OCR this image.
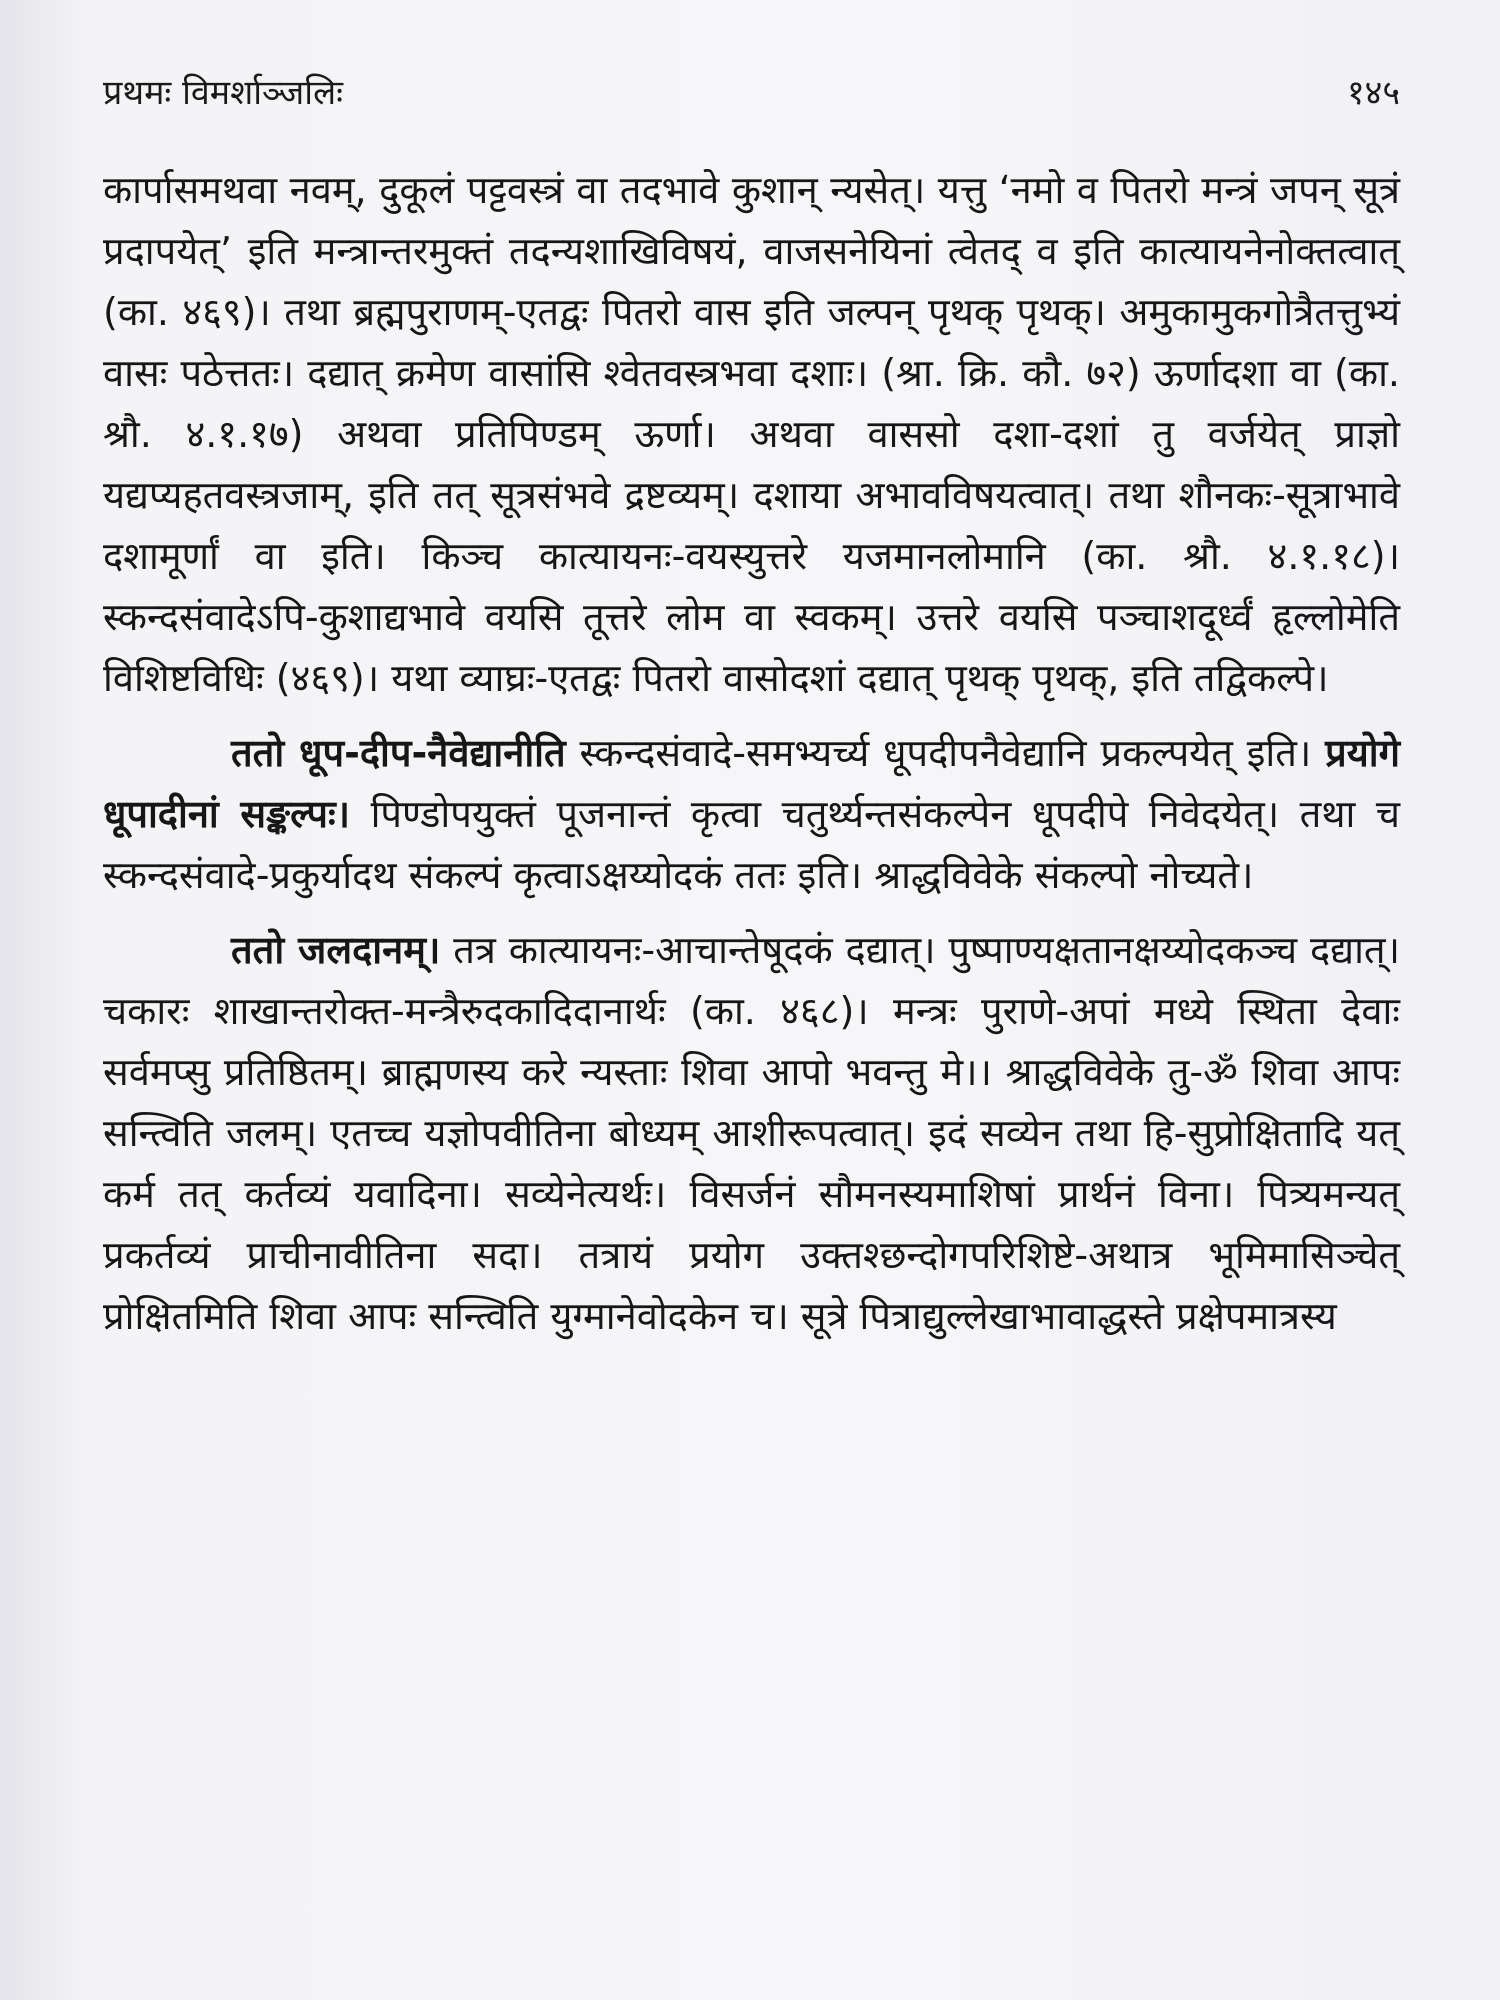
प्रथमः विमर्शाञ्जलिः	१४५

कार्पासमथवा नवम्, दुकूलं पट्टवस्त्रं वा तदभावे कुशान् न्यसेत्। यत्तु ‘नमो व पितरो मन्त्रं जपन् सूत्रं प्रदापयेत्’ इति मन्त्रान्तरमुक्तं तदन्यशाखिविषयं, वाजसनेयिनां त्वेतद् व इति कात्यायनेनोक्तत्वात् (का. ४६९)। तथा ब्रह्मपुराणम्-एतद्वः पितरो वास इति जल्पन् पृथक् पृथक्। अमुकामुकगोत्रैतत्तुभ्यं वासः पठेत्ततः। दद्यात् क्रमेण वासांसि श्वेतवस्त्रभवा दशाः। (श्रा. क्रि. कौ. ७२) ऊर्णादशा वा (का. श्रौ. ४.१.१७) अथवा प्रतिपिण्डम् ऊर्णा। अथवा वाससो दशा-दशां तु वर्जयेत् प्राज्ञो यद्यप्यहतवस्त्रजाम्, इति तत् सूत्रसंभवे द्रष्टव्यम्। दशाया अभावविषयत्वात्। तथा शौनकः-सूत्राभावे दशामूर्णां वा इति। किञ्च कात्यायनः-वयस्युत्तरे यजमानलोमानि (का. श्रौ. ४.१.१८)। स्कन्दसंवादेऽपि-कुशाद्यभावे वयसि तूत्तरे लोम वा स्वकम्। उत्तरे वयसि पञ्चाशदूर्ध्वं हृल्लोमेति विशिष्टविधिः (४६९)। यथा व्याघ्रः-एतद्वः पितरो वासोदशां दद्यात् पृथक् पृथक्, इति तद्विकल्पे।

ततो धूप-दीप-नैवेद्यानीति स्कन्दसंवादे-समभ्यर्च्य धूपदीपनैवेद्यानि प्रकल्पयेत् इति। प्रयोगे धूपादीनां सङ्कल्पः। पिण्डोपयुक्तं पूजनान्तं कृत्वा चतुर्थ्यन्तसंकल्पेन धूपदीपे निवेदयेत्। तथा च स्कन्दसंवादे-प्रकुर्यादथ संकल्पं कृत्वाऽक्षय्योदकं ततः इति। श्राद्धविवेके संकल्पो नोच्यते।

ततो जलदानम्। तत्र कात्यायनः-आचान्तेषूदकं दद्यात्। पुष्पाण्यक्षतानक्षय्योदकञ्च दद्यात्। चकारः शाखान्तरोक्त-मन्त्रैरुदकादिदानार्थः (का. ४६८)। मन्त्रः पुराणे-अपां मध्ये स्थिता देवाः सर्वमप्सु प्रतिष्ठितम्। ब्राह्मणस्य करे न्यस्ताः शिवा आपो भवन्तु मे।। श्राद्धविवेके तु-ॐ शिवा आपः सन्त्विति जलम्। एतच्च यज्ञोपवीतिना बोध्यम् आशीरूपत्वात्। इदं सव्येन तथा हि-सुप्रोक्षितादि यत् कर्म तत् कर्तव्यं यवादिना। सव्येनेत्यर्थः। विसर्जनं सौमनस्यमाशिषां प्रार्थनं विना। पित्र्यमन्यत् प्रकर्तव्यं प्राचीनावीतिना सदा। तत्रायं प्रयोग उक्तश्छन्दोगपरिशिष्टे-अथात्र भूमिमासिञ्चेत् प्रोक्षितमिति शिवा आपः सन्त्विति युग्मानेवोदकेन च। सूत्रे पित्राद्युल्लेखाभावाद्धस्ते प्रक्षेपमात्रस्य
